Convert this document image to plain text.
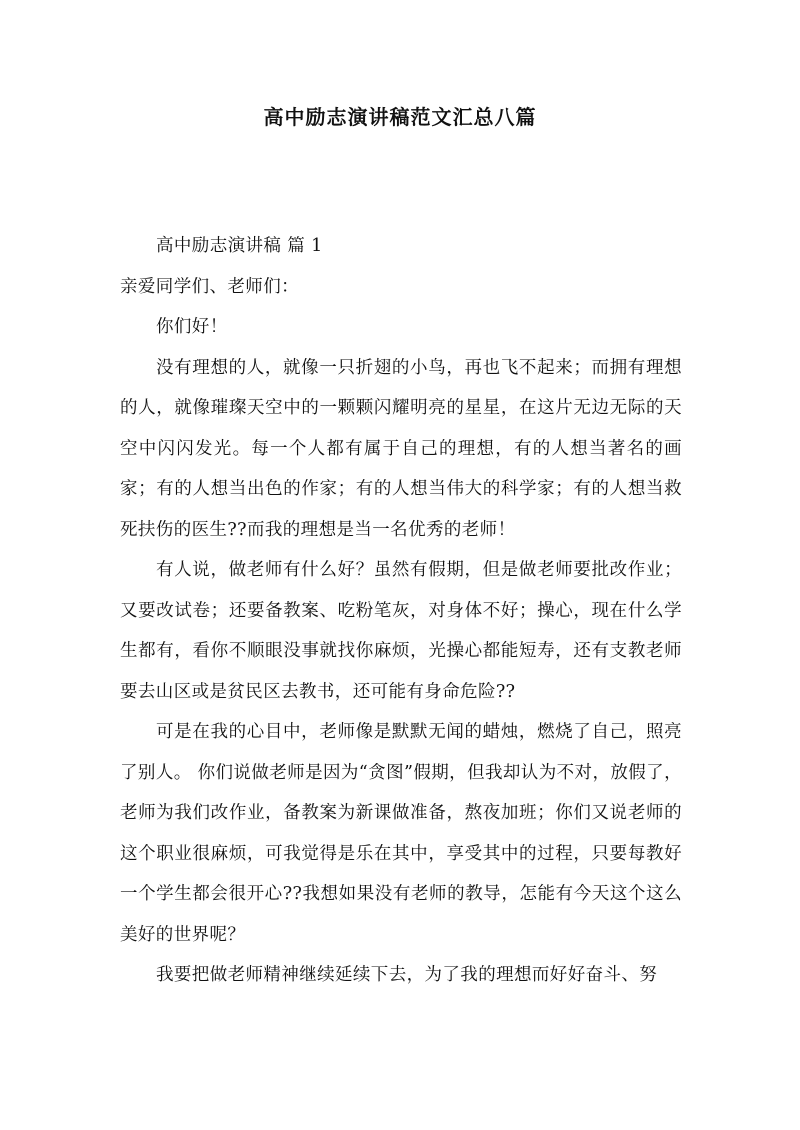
高中励志演讲稿范文汇总八篇

高中励志演讲稿 篇 1

亲爱同学们、老师们：

你们好！

没有理想的人，就像一只折翅的小鸟，再也飞不起来；而拥有理想的人，就像璀璨天空中的一颗颗闪耀明亮的星星，在这片无边无际的天空中闪闪发光。每一个人都有属于自己的理想，有的人想当著名的画家；有的人想当出色的作家；有的人想当伟大的科学家；有的人想当救死扶伤的医生??而我的理想是当一名优秀的老师！

有人说，做老师有什么好？虽然有假期，但是做老师要批改作业；又要改试卷；还要备教案、吃粉笔灰，对身体不好；操心，现在什么学生都有，看你不顺眼没事就找你麻烦，光操心都能短寿，还有支教老师要去山区或是贫民区去教书，还可能有身命危险??

可是在我的心目中，老师像是默默无闻的蜡烛，燃烧了自己，照亮了别人。 你们说做老师是因为“贪图”假期，但我却认为不对，放假了，老师为我们改作业，备教案为新课做准备，熬夜加班；你们又说老师的这个职业很麻烦，可我觉得是乐在其中，享受其中的过程，只要每教好一个学生都会很开心??我想如果没有老师的教导，怎能有今天这个这么美好的世界呢？

我要把做老师精神继续延续下去，为了我的理想而好好奋斗、努
